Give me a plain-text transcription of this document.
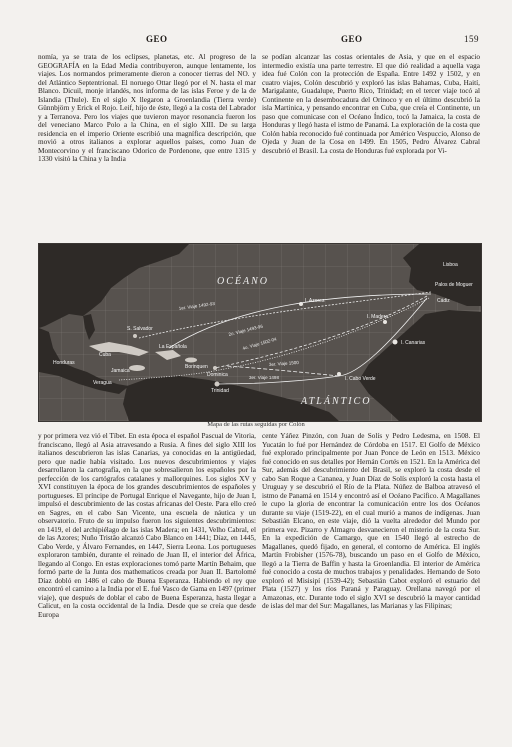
GEO	GEO	159

nomía, ya se trata de los eclipses, planetas, etc. Al progreso de la GEOGRAFÍA en la Edad Media contribuyeron, aunque lentamente, los viajes. Los normandos primeramente dieron a conocer tierras del NO. y del Atlántico Septentrional. El noruego Ottar llegó por el N. hasta el mar Blanco. Dicuil, monje irlandés, nos informa de las islas Feroe y de la de Islandia (Thule). En el siglo X llegaron a Groenlandia (Tierra verde) Günnbjörn y Erick el Rojo. Leif, hijo de éste, llegó a la costa del Labrador y a Terranova. Pero los viajes que tuvieron mayor resonancia fueron los del veneciano Marco Polo a la China, en el siglo XIII. De su larga residencia en el imperio Oriente escribió una magnífica descripción, que movió a otros italianos a explorar aquellos países, como Juan de Montecorvino y el franciscano Odorico de Pordenone, que entre 1315 y 1330 visitó la China y la India

se podían alcanzar las costas orientales de Asia, y que en el espacio intermedio existía una parte terrestre. El que dió realidad a aquella vaga idea fué Colón con la protección de España. Entre 1492 y 1502, y en cuatro viajes, Colón descubrió y exploró las islas Bahamas, Cuba, Haití, Marigalante, Guadalupe, Puerto Rico, Trinidad; en el tercer viaje tocó al Continente en la desembocadura del Orinoco y en el último descubrió la isla Martinica, y pensando encontrar en Cuba, que creía el Continente, un paso que comunicase con el Océano Índico, tocó la Jamaica, la costa de Honduras y llegó hasta el istmo de Panamá. La exploración de la costa que Colón había reconocido fué continuada por Américo Vespuccio, Alonso de Ojeda y Juan de la Cosa en 1499. En 1505, Pedro Álvarez Cabral descubrió el Brasil. La costa de Honduras fué explorada por Vi-

OCÉANO
ATLÁNTICO
I. Azores
I. Madera
I. Canarias
I. Cabo Verde
Palos de Moguer
Cádiz
Lisboa
S. Salvador
La Española
Cuba
Jamaica
Borinquen
Dominica
Trinidad
Honduras
Veragua
1er. Viaje 1492-93
2o. Viaje 1493-96
4o. Viaje 1502-04
3er. Viaje 1498
3er. Viaje 1500
Mapa de las rutas seguidas por Colón

y por primera vez vió el Tíbet. En esta época el español Pascual de Vitoria, franciscano, llegó al Asia atravesando a Rusia. A fines del siglo XIII los italianos descubrieron las islas Canarias, ya conocidas en la antigüedad, pero que nadie había visitado. Los nuevos descubrimientos y viajes desarrollaron la cartografía, en la que sobresalieron los españoles por la perfección de los cartógrafos catalanes y mallorquines. Los siglos XV y XVI constituyen la época de los grandes descubrimientos de españoles y portugueses. El príncipe de Portugal Enrique el Navegante, hijo de Juan I, impulsó el descubrimiento de las costas africanas del Oeste. Para ello creó en Sagres, en el cabo San Vicente, una escuela de náutica y un observatorio. Fruto de su impulso fueron los siguientes descubrimientos: en 1419, el del archipiélago de las islas Madera; en 1431, Velho Cabral, el de las Azores; Nuño Tristão alcanzó Cabo Blanco en 1441; Díaz, en 1445, Cabo Verde, y Álvaro Fernandes, en 1447, Sierra Leona. Los portugueses exploraron también, durante el reinado de Juan II, el interior del África, llegando al Congo. En estas exploraciones tomó parte Martín Behaim, que formó parte de la Junta dos mathematicos creada por Juan II. Bartolomé Díaz dobló en 1486 el cabo de Buena Esperanza. Habiendo el rey que encontró el camino a la India por el E. fué Vasco de Gama en 1497 (primer viaje), que después de doblar el cabo de Buena Esperanza, hasta llegar a Calicut, en la costa occidental de la India. Desde que se creía que desde Europa

cente Yáñez Pinzón, con Juan de Solís y Pedro Ledesma, en 1508. El Yucatán lo fué por Hernández de Córdoba en 1517. El Golfo de México fué explorado principalmente por Juan Ponce de León en 1513. México fué conocido en sus detalles por Hernán Cortés en 1521. En la América del Sur, además del descubrimiento del Brasil, se exploró la costa desde el cabo San Roque a Cananea, y Juan Díaz de Solís exploró la costa hasta el Uruguay y se descubrió el Río de la Plata. Núñez de Balboa atravesó el istmo de Panamá en 1514 y encontró así el Océano Pacífico. A Magallanes le cupo la gloria de encontrar la comunicación entre los dos Océanos durante su viaje (1519-22), en el cual murió a manos de indígenas. Juan Sebastián Elcano, en este viaje, dió la vuelta alrededor del Mundo por primera vez. Pizarro y Almagro desvanecieron el misterio de la costa Sur. En la expedición de Camargo, que en 1540 llegó al estrecho de Magallanes, quedó fijado, en general, el contorno de América. El inglés Martín Frobisher (1576-78), buscando un paso en el Golfo de México, llegó a la Tierra de Baffin y hasta la Groenlandia. El interior de América fué conocido a costa de muchos trabajos y penalidades. Hernando de Soto exploró el Misisipí (1539-42); Sebastián Cabot exploró el estuario del Plata (1527) y los ríos Paraná y Paraguay. Orellana navegó por el Amazonas, etc. Durante todo el siglo XVI se descubrió la mayor cantidad de islas del mar del Sur: Magallanes, las Marianas y las Filipinas;
